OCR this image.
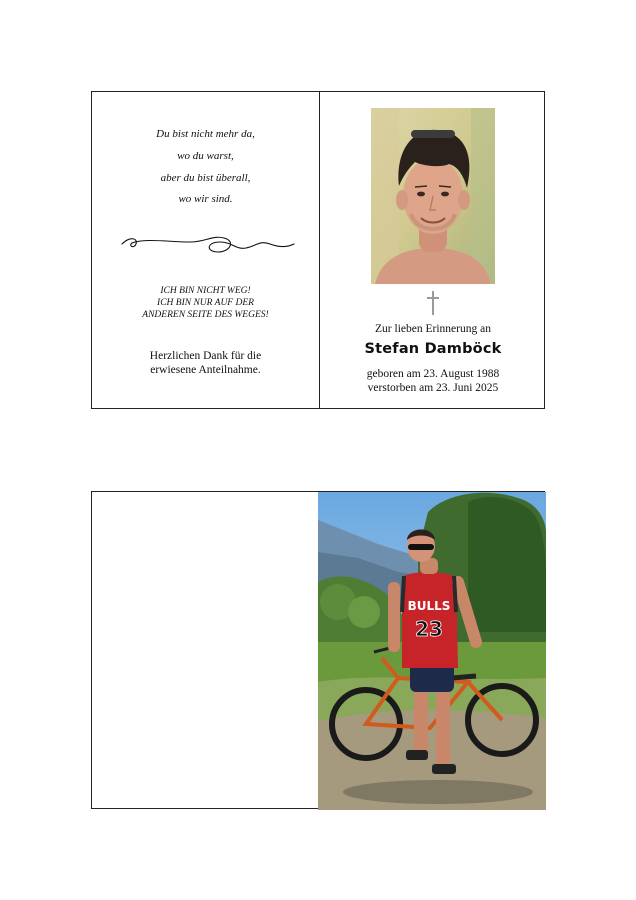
Du bist nicht mehr da,
wo du warst,
aber du bist überall,
wo wir sind.
ICH BIN NICHT WEG!
ICH BIN NUR AUF DER
ANDEREN SEITE DES WEGES!
Herzlichen Dank für die
erwiesene Anteilnahme.
Zur lieben Erinnerung an
Stefan Damböck
geboren am 23. August 1988
verstorben am 23. Juni 2025
BULLS
23
